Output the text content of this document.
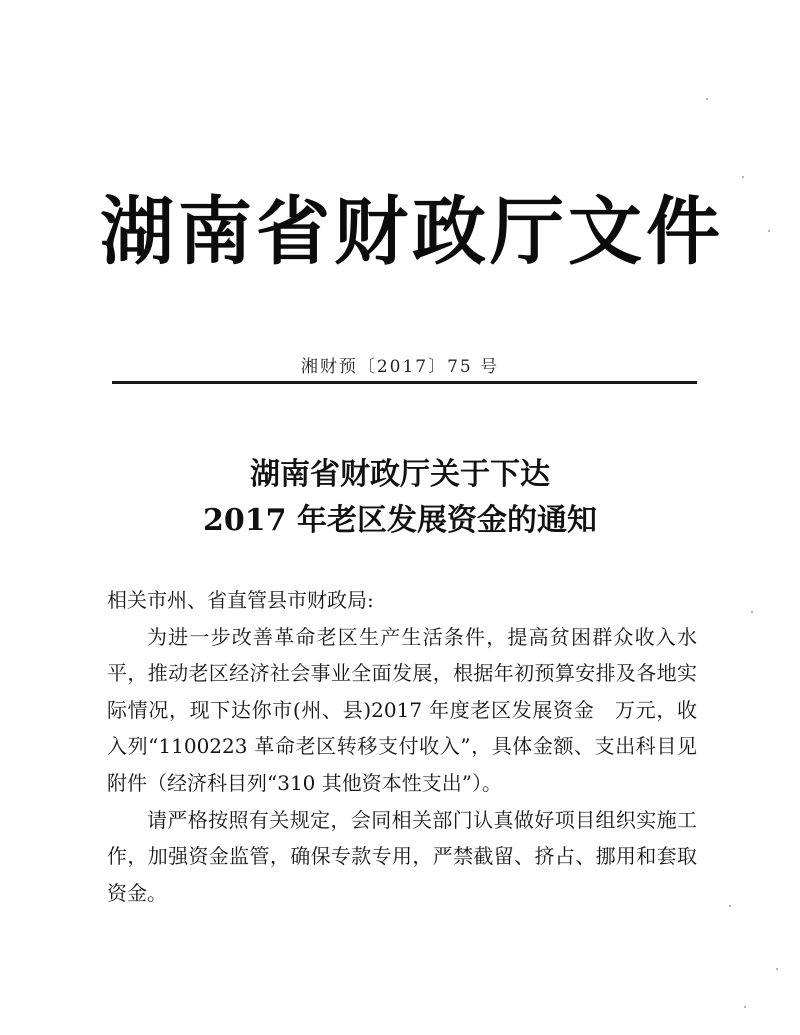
湖南省财政厅文件
湘财预〔2017〕75 号
湖南省财政厅关于下达
2017 年老区发展资金的通知

相关市州、省直管县市财政局:

为进一步改善革命老区生产生活条件，提高贫困群众收入水平，推动老区经济社会事业全面发展，根据年初预算安排及各地实际情况，现下达你市(州、县)2017 年度老区发展资金　万元，收入列“1100223 革命老区转移支付收入”，具体金额、支出科目见附件（经济科目列“310 其他资本性支出”）。

请严格按照有关规定，会同相关部门认真做好项目组织实施工作，加强资金监管，确保专款专用，严禁截留、挤占、挪用和套取资金。
